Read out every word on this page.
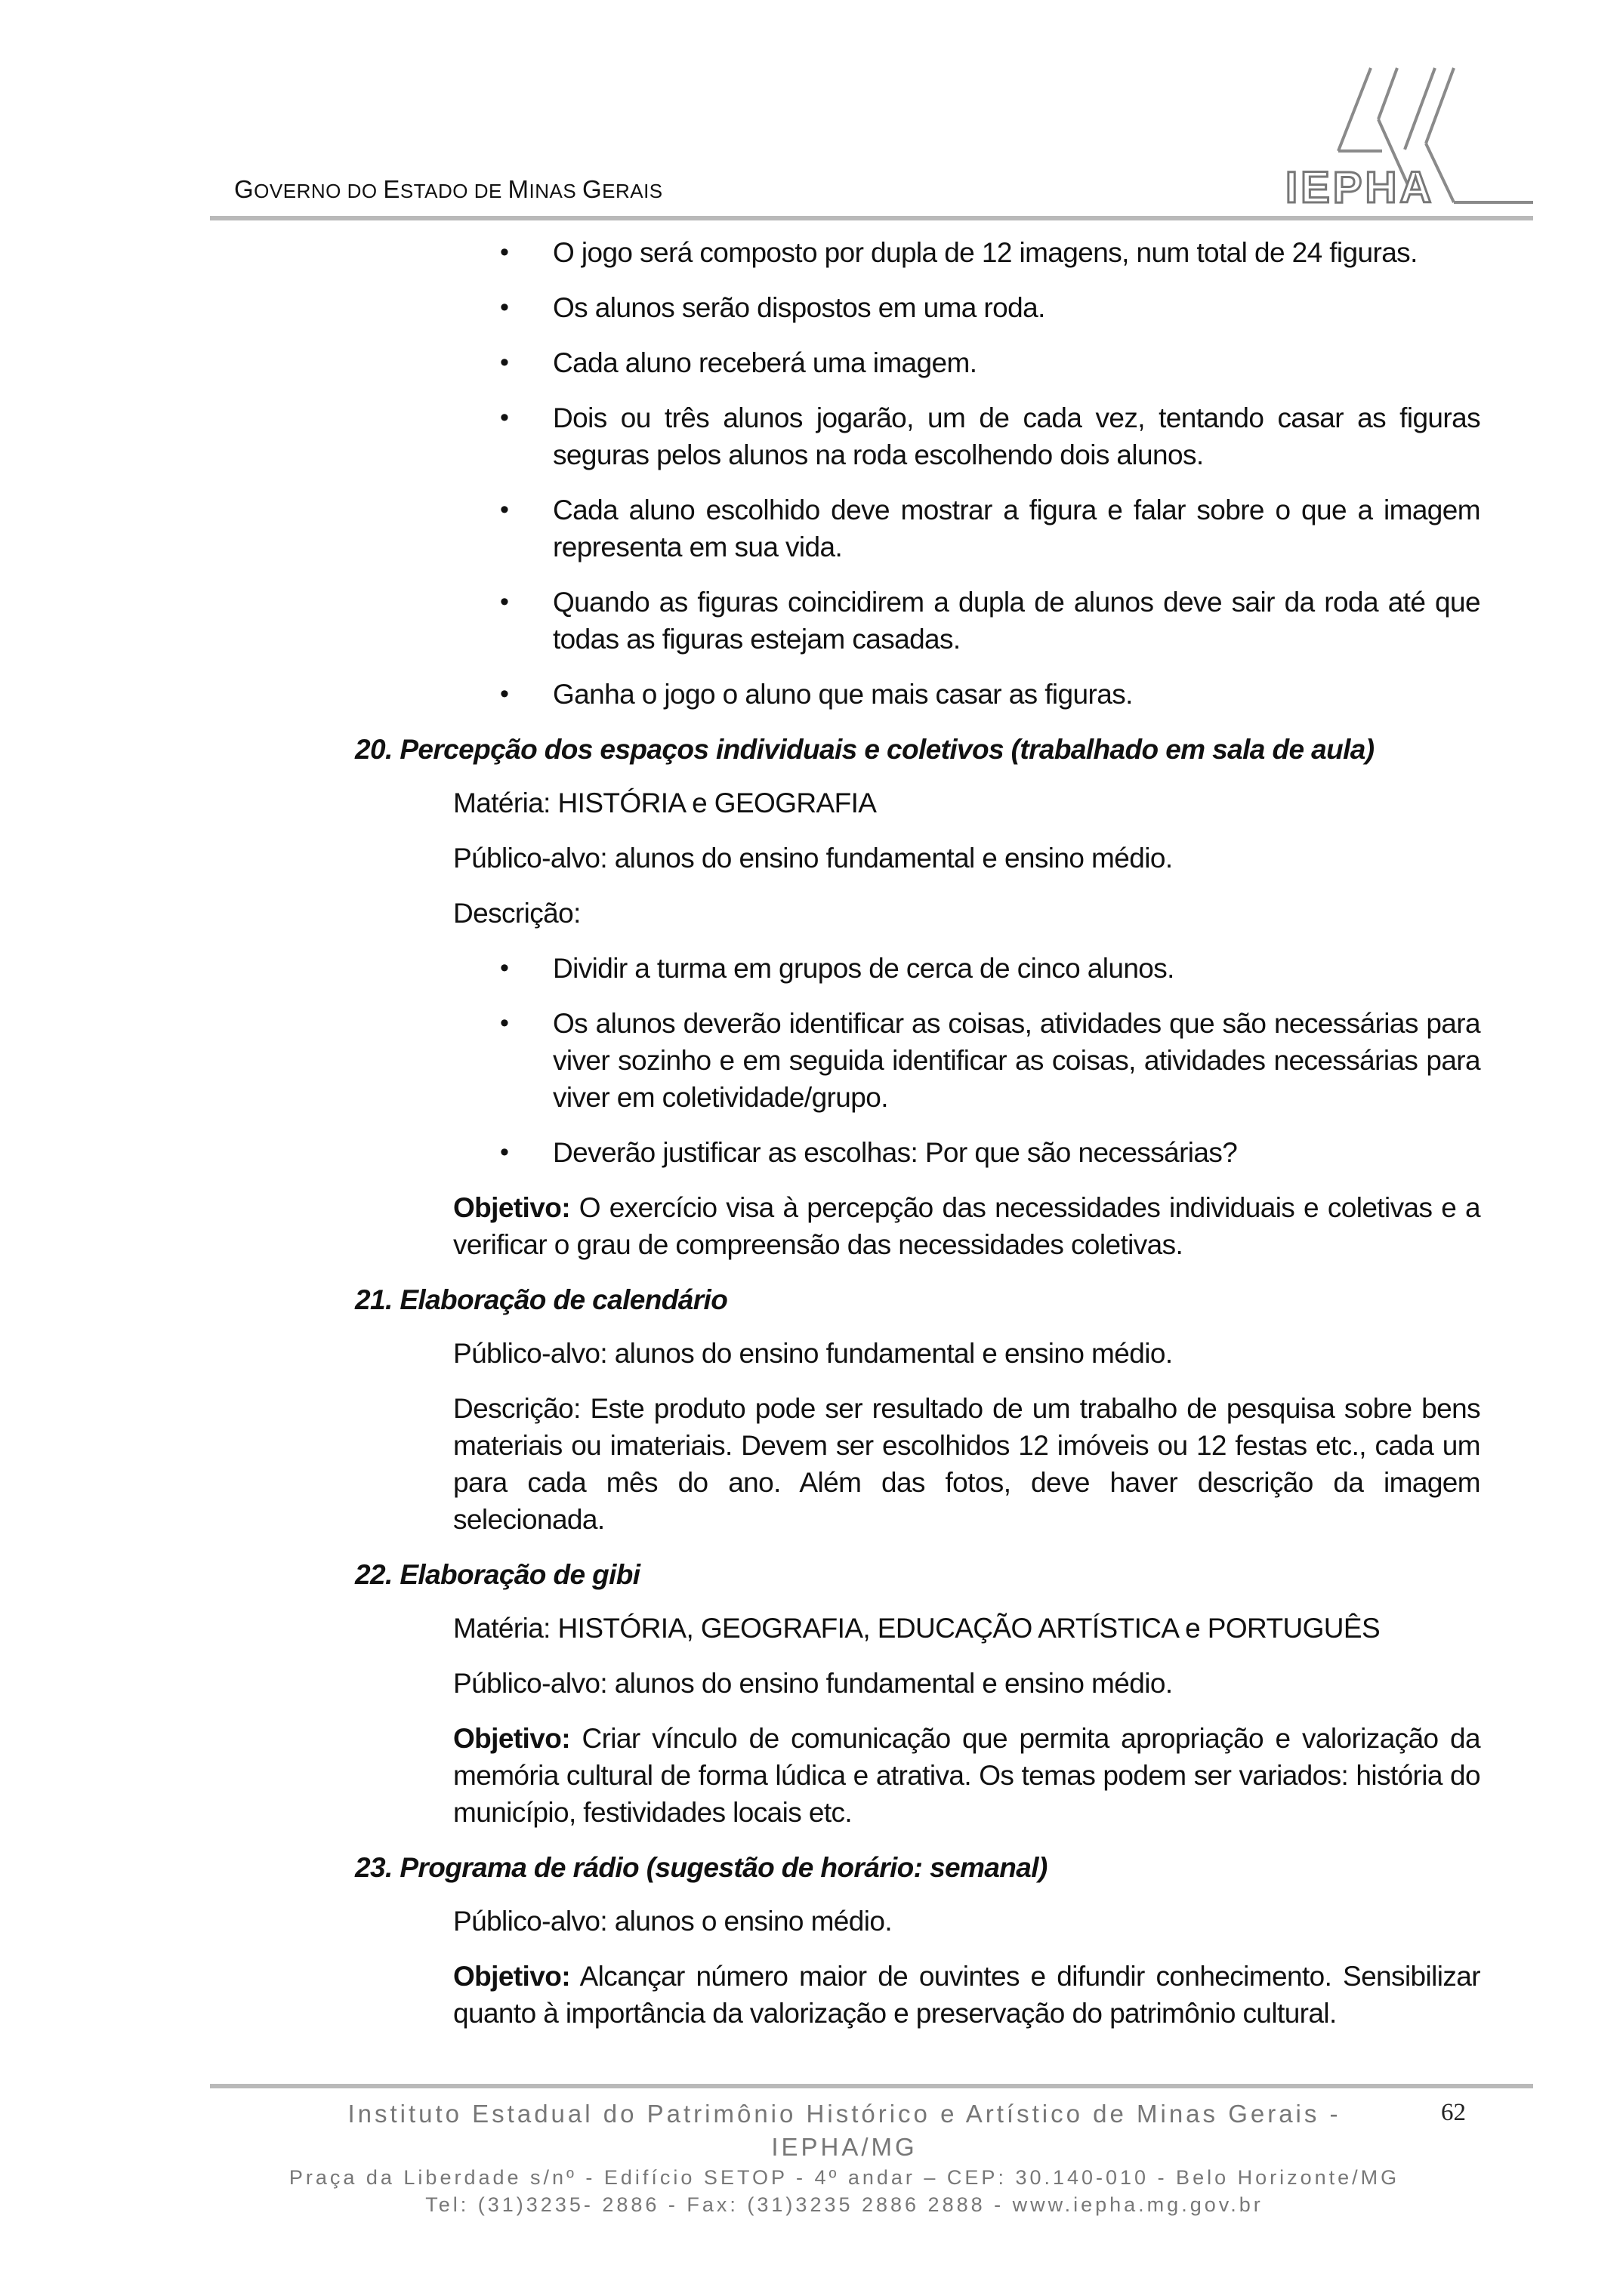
GOVERNO DO ESTADO DE MINAS GERAIS	IEPHA
• O jogo será composto por dupla de 12 imagens, num total de 24 figuras.
• Os alunos serão dispostos em uma roda.
• Cada aluno receberá uma imagem.
• Dois ou três alunos jogarão, um de cada vez, tentando casar as figuras seguras pelos alunos na roda escolhendo dois alunos.
• Cada aluno escolhido deve mostrar a figura e falar sobre o que a imagem representa em sua vida.
• Quando as figuras coincidirem a dupla de alunos deve sair da roda até que todas as figuras estejam casadas.
• Ganha o jogo o aluno que mais casar as figuras.
20. Percepção dos espaços individuais e coletivos (trabalhado em sala de aula)

Matéria: HISTÓRIA e GEOGRAFIA

Público-alvo: alunos do ensino fundamental e ensino médio.

Descrição:

• Dividir a turma em grupos de cerca de cinco alunos.
• Os alunos deverão identificar as coisas, atividades que são necessárias para viver sozinho e em seguida identificar as coisas, atividades necessárias para viver em coletividade/grupo.
• Deverão justificar as escolhas: Por que são necessárias?

Objetivo: O exercício visa à percepção das necessidades individuais e coletivas e a verificar o grau de compreensão das necessidades coletivas.

21. Elaboração de calendário

Público-alvo: alunos do ensino fundamental e ensino médio.

Descrição: Este produto pode ser resultado de um trabalho de pesquisa sobre bens materiais ou imateriais. Devem ser escolhidos 12 imóveis ou 12 festas etc., cada um para cada mês do ano. Além das fotos, deve haver descrição da imagem selecionada.

22. Elaboração de gibi

Matéria: HISTÓRIA, GEOGRAFIA, EDUCAÇÃO ARTÍSTICA e PORTUGUÊS

Público-alvo: alunos do ensino fundamental e ensino médio.

Objetivo: Criar vínculo de comunicação que permita apropriação e valorização da memória cultural de forma lúdica e atrativa. Os temas podem ser variados: história do município, festividades locais etc.

23. Programa de rádio (sugestão de horário: semanal)

Público-alvo: alunos o ensino médio.

Objetivo: Alcançar número maior de ouvintes e difundir conhecimento. Sensibilizar quanto à importância da valorização e preservação do patrimônio cultural.

Instituto Estadual do Patrimônio Histórico e Artístico de Minas Gerais -
IEPHA/MG
Praça da Liberdade s/nº - Edifício SETOP - 4º andar – CEP: 30.140-010 - Belo Horizonte/MG
Tel: (31)3235- 2886 - Fax: (31)3235 2886 2888 - www.iepha.mg.gov.br
62
